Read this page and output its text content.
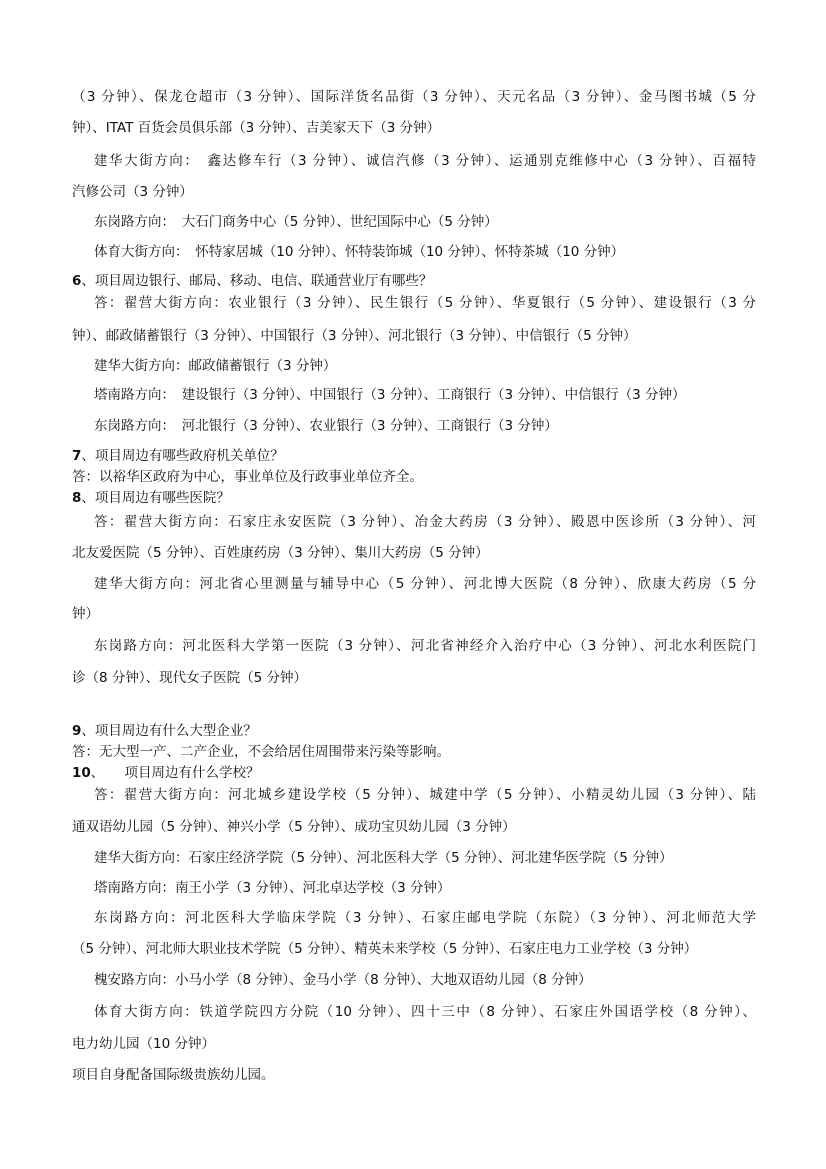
（3 分钟）、保龙仓超市（3 分钟）、国际洋货名品街（3 分钟）、天元名品（3 分钟）、金马图书城（5 分
钟）、ITAT 百货会员俱乐部（3 分钟）、吉美家天下（3 分钟）
建华大街方向：　鑫达修车行（3 分钟）、诚信汽修（3 分钟）、运通别克维修中心（3 分钟）、百福特
汽修公司（3 分钟）
东岗路方向：　大石门商务中心（5 分钟）、世纪国际中心（5 分钟）
体育大街方向：　怀特家居城（10 分钟）、怀特装饰城（10 分钟）、怀特茶城（10 分钟）
6、项目周边银行、邮局、移动、电信、联通营业厅有哪些？
答：翟营大街方向：农业银行（3 分钟）、民生银行（5 分钟）、华夏银行（5 分钟）、建设银行（3 分
钟）、邮政储蓄银行（3 分钟）、中国银行（3 分钟）、河北银行（3 分钟）、中信银行（5 分钟）
建华大街方向：邮政储蓄银行（3 分钟）
塔南路方向：　建设银行（3 分钟）、中国银行（3 分钟）、工商银行（3 分钟）、中信银行（3 分钟）
东岗路方向：　河北银行（3 分钟）、农业银行（3 分钟）、工商银行（3 分钟）
7、项目周边有哪些政府机关单位？
答：以裕华区政府为中心，事业单位及行政事业单位齐全。
8、项目周边有哪些医院？
答：翟营大街方向：石家庄永安医院（3 分钟）、冶金大药房（3 分钟）、殿恩中医诊所（3 分钟）、河
北友爱医院（5 分钟）、百姓康药房（3 分钟）、集川大药房（5 分钟）
建华大街方向：河北省心里测量与辅导中心（5 分钟）、河北博大医院（8 分钟）、欣康大药房（5 分
钟）
东岗路方向：河北医科大学第一医院（3 分钟）、河北省神经介入治疗中心（3 分钟）、河北水利医院门
诊（8 分钟）、现代女子医院（5 分钟）
9、项目周边有什么大型企业？
答：无大型一产、二产企业，不会给居住周围带来污染等影响。
10、　　项目周边有什么学校？
答：翟营大街方向：河北城乡建设学校（5 分钟）、城建中学（5 分钟）、小精灵幼儿园（3 分钟）、陆
通双语幼儿园（5 分钟）、神兴小学（5 分钟）、成功宝贝幼儿园（3 分钟）
建华大街方向：石家庄经济学院（5 分钟）、河北医科大学（5 分钟）、河北建华医学院（5 分钟）
塔南路方向：南王小学（3 分钟）、河北卓达学校（3 分钟）
东岗路方向：河北医科大学临床学院（3 分钟）、石家庄邮电学院（东院）（3 分钟）、河北师范大学
（5 分钟）、河北师大职业技术学院（5 分钟）、精英未来学校（5 分钟）、石家庄电力工业学校（3 分钟）
槐安路方向：小马小学（8 分钟）、金马小学（8 分钟）、大地双语幼儿园（8 分钟）
体育大街方向：铁道学院四方分院（10 分钟）、四十三中（8 分钟）、石家庄外国语学校（8 分钟）、
电力幼儿园（10 分钟）
项目自身配备国际级贵族幼儿园。
